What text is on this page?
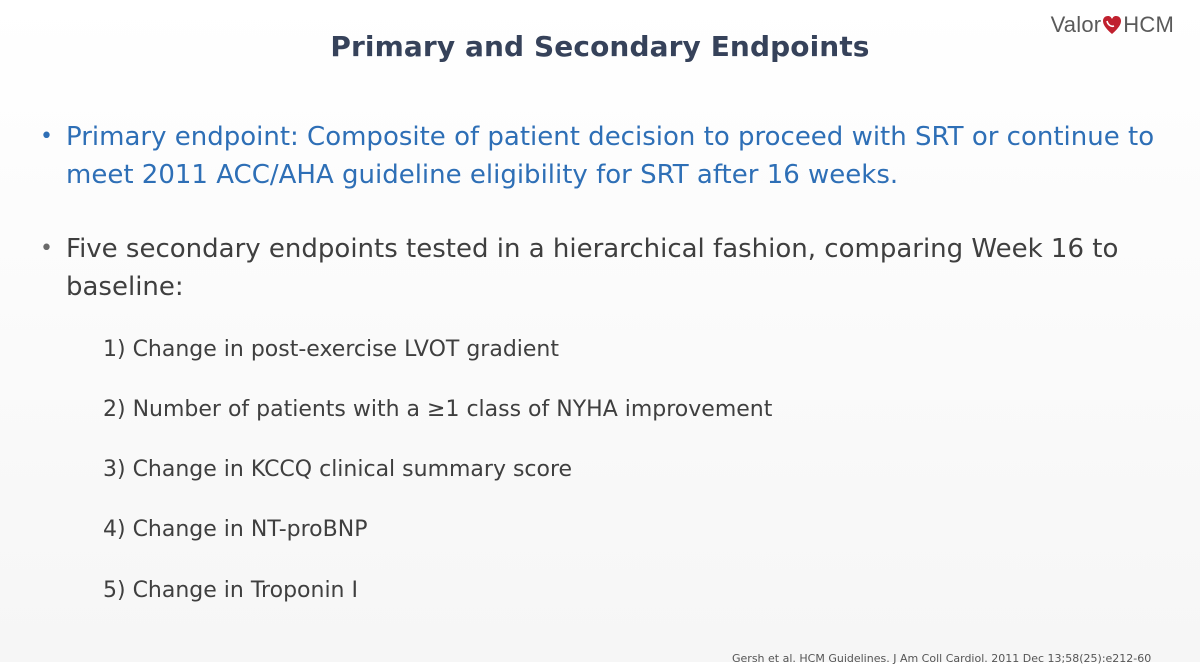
Valor HCM
Primary and Secondary Endpoints
• Primary endpoint: Composite of patient decision to proceed with SRT or continue to meet 2011 ACC/AHA guideline eligibility for SRT after 16 weeks.
• Five secondary endpoints tested in a hierarchical fashion, comparing Week 16 to baseline:
1) Change in post-exercise LVOT gradient
2) Number of patients with a ≥1 class of NYHA improvement
3) Change in KCCQ clinical summary score
4) Change in NT-proBNP
5) Change in Troponin I
Gersh et al. HCM Guidelines. J Am Coll Cardiol. 2011 Dec 13;58(25):e212-60
